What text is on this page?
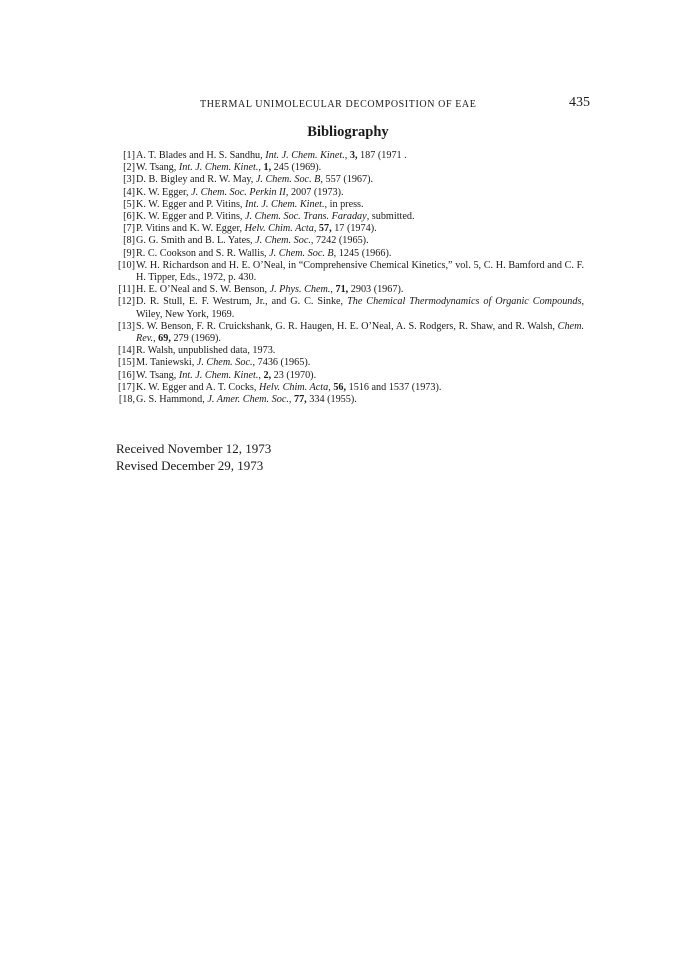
THERMAL UNIMOLECULAR DECOMPOSITION OF EAE	435
Bibliography
[1] A. T. Blades and H. S. Sandhu, Int. J. Chem. Kinet., 3, 187 (1971 .
[2] W. Tsang, Int. J. Chem. Kinet., 1, 245 (1969).
[3] D. B. Bigley and R. W. May, J. Chem. Soc. B, 557 (1967).
[4] K. W. Egger, J. Chem. Soc. Perkin II, 2007 (1973).
[5] K. W. Egger and P. Vitins, Int. J. Chem. Kinet., in press.
[6] K. W. Egger and P. Vitins, J. Chem. Soc. Trans. Faraday, submitted.
[7] P. Vitins and K. W. Egger, Helv. Chim. Acta, 57, 17 (1974).
[8] G. G. Smith and B. L. Yates, J. Chem. Soc., 7242 (1965).
[9] R. C. Cookson and S. R. Wallis, J. Chem. Soc. B, 1245 (1966).
[10] W. H. Richardson and H. E. O’Neal, in “Comprehensive Chemical Kinetics,” vol. 5, C. H. Bamford and C. F. H. Tipper, Eds., 1972, p. 430.
[11] H. E. O’Neal and S. W. Benson, J. Phys. Chem., 71, 2903 (1967).
[12] D. R. Stull, E. F. Westrum, Jr., and G. C. Sinke, The Chemical Thermodynamics of Organic Compounds, Wiley, New York, 1969.
[13] S. W. Benson, F. R. Cruickshank, G. R. Haugen, H. E. O’Neal, A. S. Rodgers, R. Shaw, and R. Walsh, Chem. Rev., 69, 279 (1969).
[14] R. Walsh, unpublished data, 1973.
[15] M. Taniewski, J. Chem. Soc., 7436 (1965).
[16] W. Tsang, Int. J. Chem. Kinet., 2, 23 (1970).
[17] K. W. Egger and A. T. Cocks, Helv. Chim. Acta, 56, 1516 and 1537 (1973).
[18, G. S. Hammond, J. Amer. Chem. Soc., 77, 334 (1955).
Received November 12, 1973
Revised December 29, 1973
